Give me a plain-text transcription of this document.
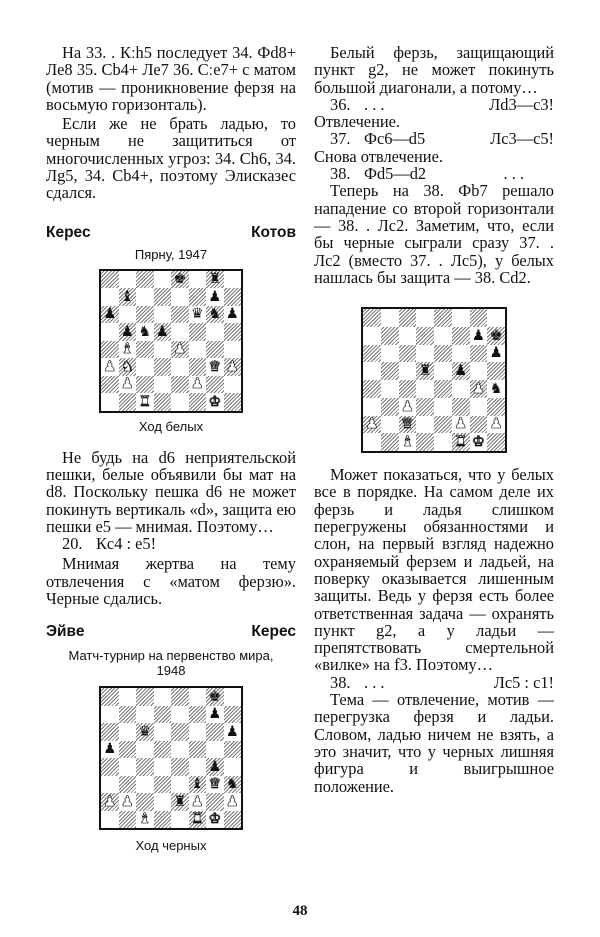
На 33. . Кːh5 последует 34. Фd8+ Лe8 35. Cb4+ Ле7 36. Cːe7+ с матом (мотив — проникновение ферзя на восьмую горизонталь).

Если же не брать ладью, то черным не защититься от многочисленных угроз: 34. Ch6, 34. Лg5, 34. Cb4+, поэтому Элисказес сдался.

Керес	Котов
Пярну, 1947
♚ ♜
♝	♟
♟	♛ ♞ ♟
♟ ♞ ♟
♝	♟
♟ ♞	♛ ♟
♟	♟
♜	♚
Ход белых

Не будь на d6 неприятельской пешки, белые объявили бы мат на d8. Поскольку пешка d6 не может покинуть вертикаль «d», защита ею пешки e5 — мнимая. Поэтому…

20. Кc4 : e5!

Мнимая жертва на тему отвлечения с «матом ферзю». Черные сдались.

Эйве	Керес
Матч-турнир на первенство мира, 1948
♚
♟
♛	♟
♟
♟
♝ ♛ ♞
♟ ♟	♜ ♟ ♟
♝	♜ ♚
Ход черных

Белый ферзь, защищающий пункт g2, не может покинуть большой диагонали, а потому…

36. . . .	Лd3—c3!

Отвлечение.

37. Фc6—d5	Лc3—c5!

Снова отвлечение.

38. Фd5—d2	. . .

Теперь на 38. Фb7 решало нападение со второй горизонтали — 38. . Лc2. Заметим, что, если бы черные сыграли сразу 37. . Лc2 (вместо 37. . Лc5), у белых нашлась бы защита — 38. Cd2.

♟ ♚
♟
♜ ♟
♟ ♞
♟
♟ ♛	♟ ♟
♝	♜ ♚

Может показаться, что у белых все в порядке. На самом деле их ферзь и ладья слишком перегружены обязанностями и слон, на первый взгляд надежно охраняемый ферзем и ладьей, на поверку оказывается лишенным защиты. Ведь у ферзя есть более ответственная задача — охранять пункт g2, а у ладьи — препятствовать смертельной «вилке» на f3. Поэтому…

38. . . .	Лc5 : c1!

Тема — отвлечение, мотив — перегрузка ферзя и ладьи. Словом, ладью ничем не взять, а это значит, что у черных лишняя фигура и выигрышное положение.

48
